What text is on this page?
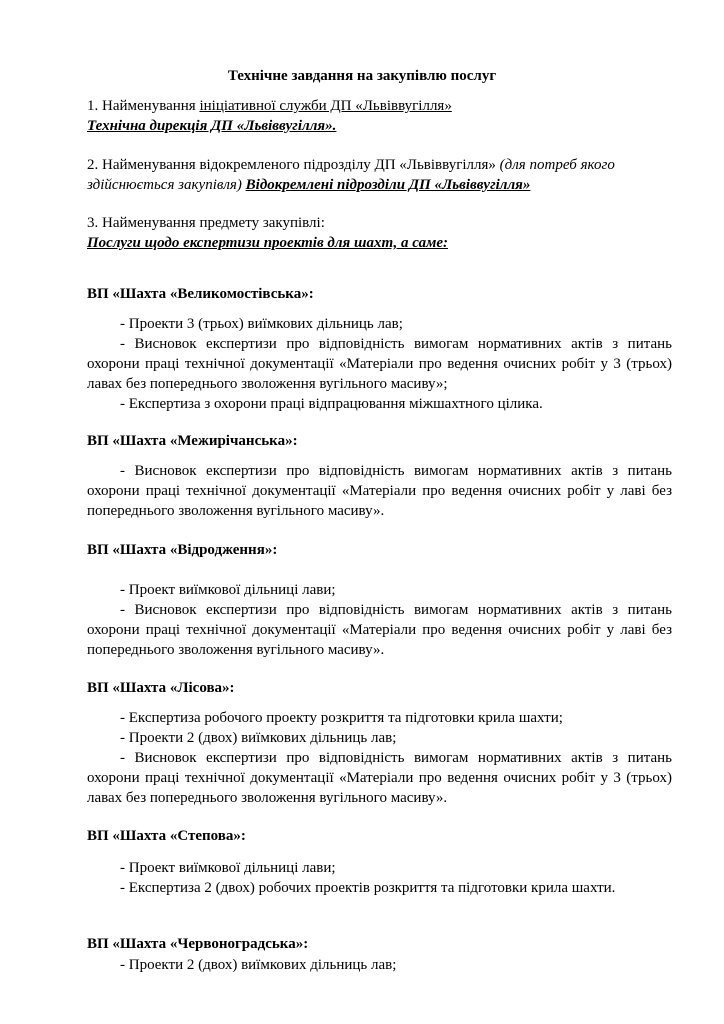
Технічне завдання на закупівлю послуг

1. Найменування ініціативної служби ДП «Львіввугілля»

Технічна дирекція ДП «Львіввугілля».

2. Найменування відокремленого підрозділу ДП «Львіввугілля» (для потреб якого здійснюється закупівля) Відокремлені підрозділи ДП «Львіввугілля»

3. Найменування предмету закупівлі:

Послуги щодо експертизи проектів для шахт, а саме:

ВП «Шахта «Великомостівська»:

- Проекти 3 (трьох) виїмкових дільниць лав;

- Висновок експертизи про відповідність вимогам нормативних актів з питань охорони праці технічної документації «Матеріали про ведення очисних робіт у 3 (трьох) лавах без попереднього зволоження вугільного масиву»;

- Експертиза з охорони праці відпрацювання міжшахтного цілика.

ВП «Шахта «Межирічанська»:

- Висновок експертизи про відповідність вимогам нормативних актів з питань охорони праці технічної документації «Матеріали про ведення очисних робіт у лаві без попереднього зволоження вугільного масиву».

ВП «Шахта «Відродження»:

- Проект виїмкової дільниці лави;

- Висновок експертизи про відповідність вимогам нормативних актів з питань охорони праці технічної документації «Матеріали про ведення очисних робіт у лаві без попереднього зволоження вугільного масиву».

ВП «Шахта «Лісова»:

- Експертиза робочого проекту розкриття та підготовки крила шахти;

- Проекти 2 (двох) виїмкових дільниць лав;

- Висновок експертизи про відповідність вимогам нормативних актів з питань охорони праці технічної документації «Матеріали про ведення очисних робіт у 3 (трьох) лавах без попереднього зволоження вугільного масиву».

ВП «Шахта «Степова»:

- Проект виїмкової дільниці лави;

- Експертиза 2 (двох) робочих проектів розкриття та підготовки крила шахти.

ВП «Шахта «Червоноградська»:

- Проекти 2 (двох) виїмкових дільниць лав;
